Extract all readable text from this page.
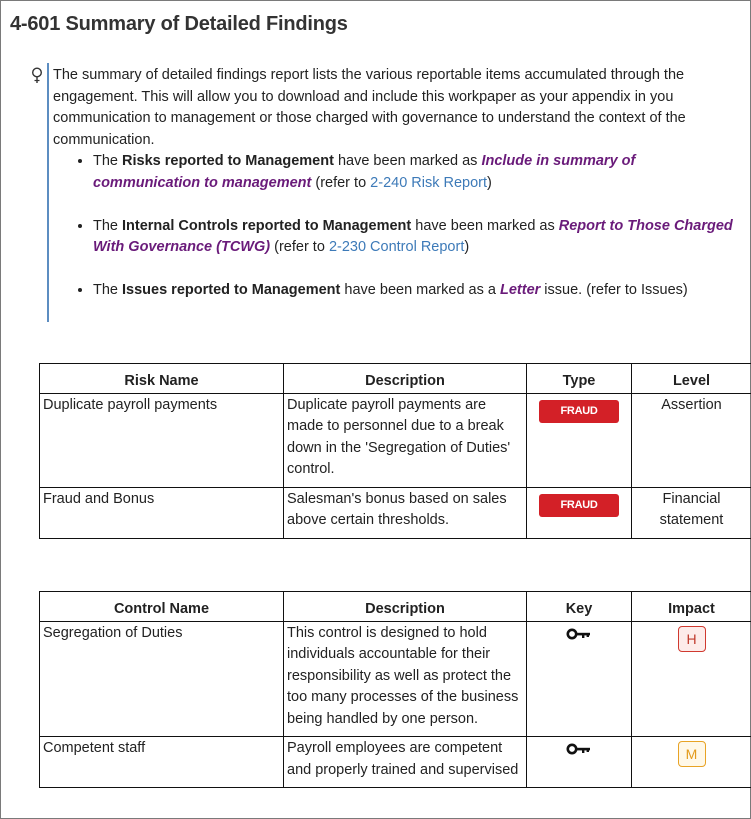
4-601 Summary of Detailed Findings

The summary of detailed findings report lists the various reportable items accumulated through the engagement. This will allow you to download and include this workpaper as your appendix in you communication to management or those charged with governance to understand the context of the communication.

• The Risks reported to Management have been marked as Include in summary of communication to management (refer to 2-240 Risk Report)
• The Internal Controls reported to Management have been marked as Report to Those Charged With Governance (TCWG) (refer to 2-230 Control Report)
• The Issues reported to Management have been marked as a Letter issue. (refer to Issues)
Risk Name	Description	Type	Level
Duplicate payroll payments	Duplicate payroll payments are made to personnel due to a break down in the 'Segregation of Duties' control.	FRAUD	Assertion
Fraud and Bonus	Salesman's bonus based on sales above certain thresholds.	FRAUD	Financial statement
Control Name	Description	Key	Impact
Segregation of Duties	This control is designed to hold individuals accountable for their responsibility as well as protect the too many processes of the business being handled by one person.		H
Competent staff	Payroll employees are competent and properly trained and supervised		M
